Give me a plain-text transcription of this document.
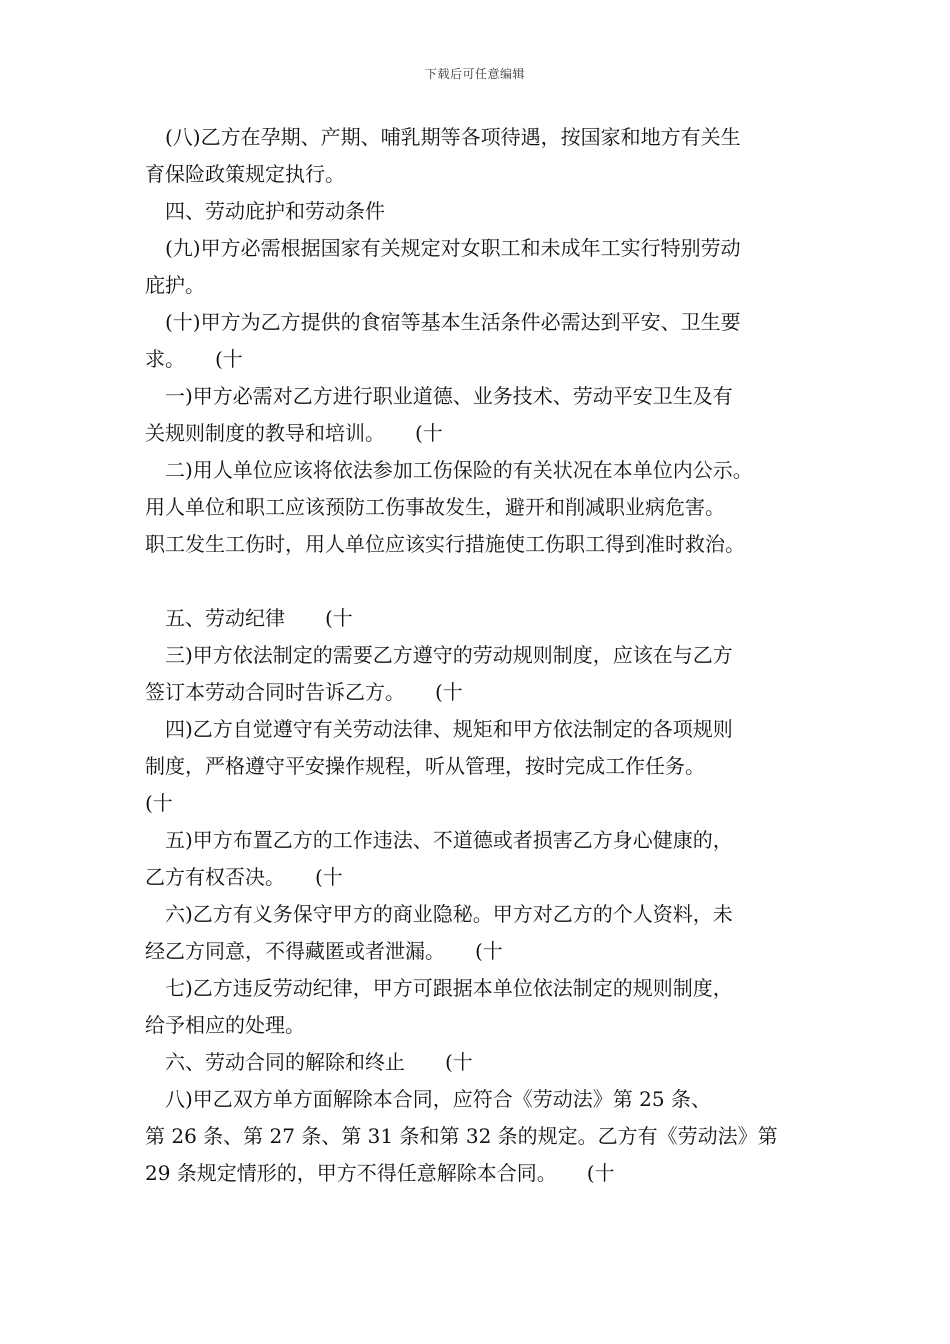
下载后可任意编辑
(八)乙方在孕期、产期、哺乳期等各项待遇，按国家和地方有关生
育保险政策规定执行。
四、劳动庇护和劳动条件
(九)甲方必需根据国家有关规定对女职工和未成年工实行特别劳动
庇护。
(十)甲方为乙方提供的食宿等基本生活条件必需达到平安、卫生要
求。　　(十
一)甲方必需对乙方进行职业道德、业务技术、劳动平安卫生及有
关规则制度的教导和培训。　　(十
二)用人单位应该将依法参加工伤保险的有关状况在本单位内公示。
用人单位和职工应该预防工伤事故发生，避开和削减职业病危害。
职工发生工伤时，用人单位应该实行措施使工伤职工得到准时救治。
五、劳动纪律　　(十
三)甲方依法制定的需要乙方遵守的劳动规则制度，应该在与乙方
签订本劳动合同时告诉乙方。　　(十
四)乙方自觉遵守有关劳动法律、规矩和甲方依法制定的各项规则
制度，严格遵守平安操作规程，听从管理，按时完成工作任务。
(十
五)甲方布置乙方的工作违法、不道德或者损害乙方身心健康的，
乙方有权否决。　　(十
六)乙方有义务保守甲方的商业隐秘。甲方对乙方的个人资料，未
经乙方同意，不得藏匿或者泄漏。　　(十
七)乙方违反劳动纪律，甲方可跟据本单位依法制定的规则制度，
给予相应的处理。
六、劳动合同的解除和终止　　(十
八)甲乙双方单方面解除本合同，应符合《劳动法》第 25 条、
第 26 条、第 27 条、第 31 条和第 32 条的规定。乙方有《劳动法》第
29 条规定情形的，甲方不得任意解除本合同。　　(十
